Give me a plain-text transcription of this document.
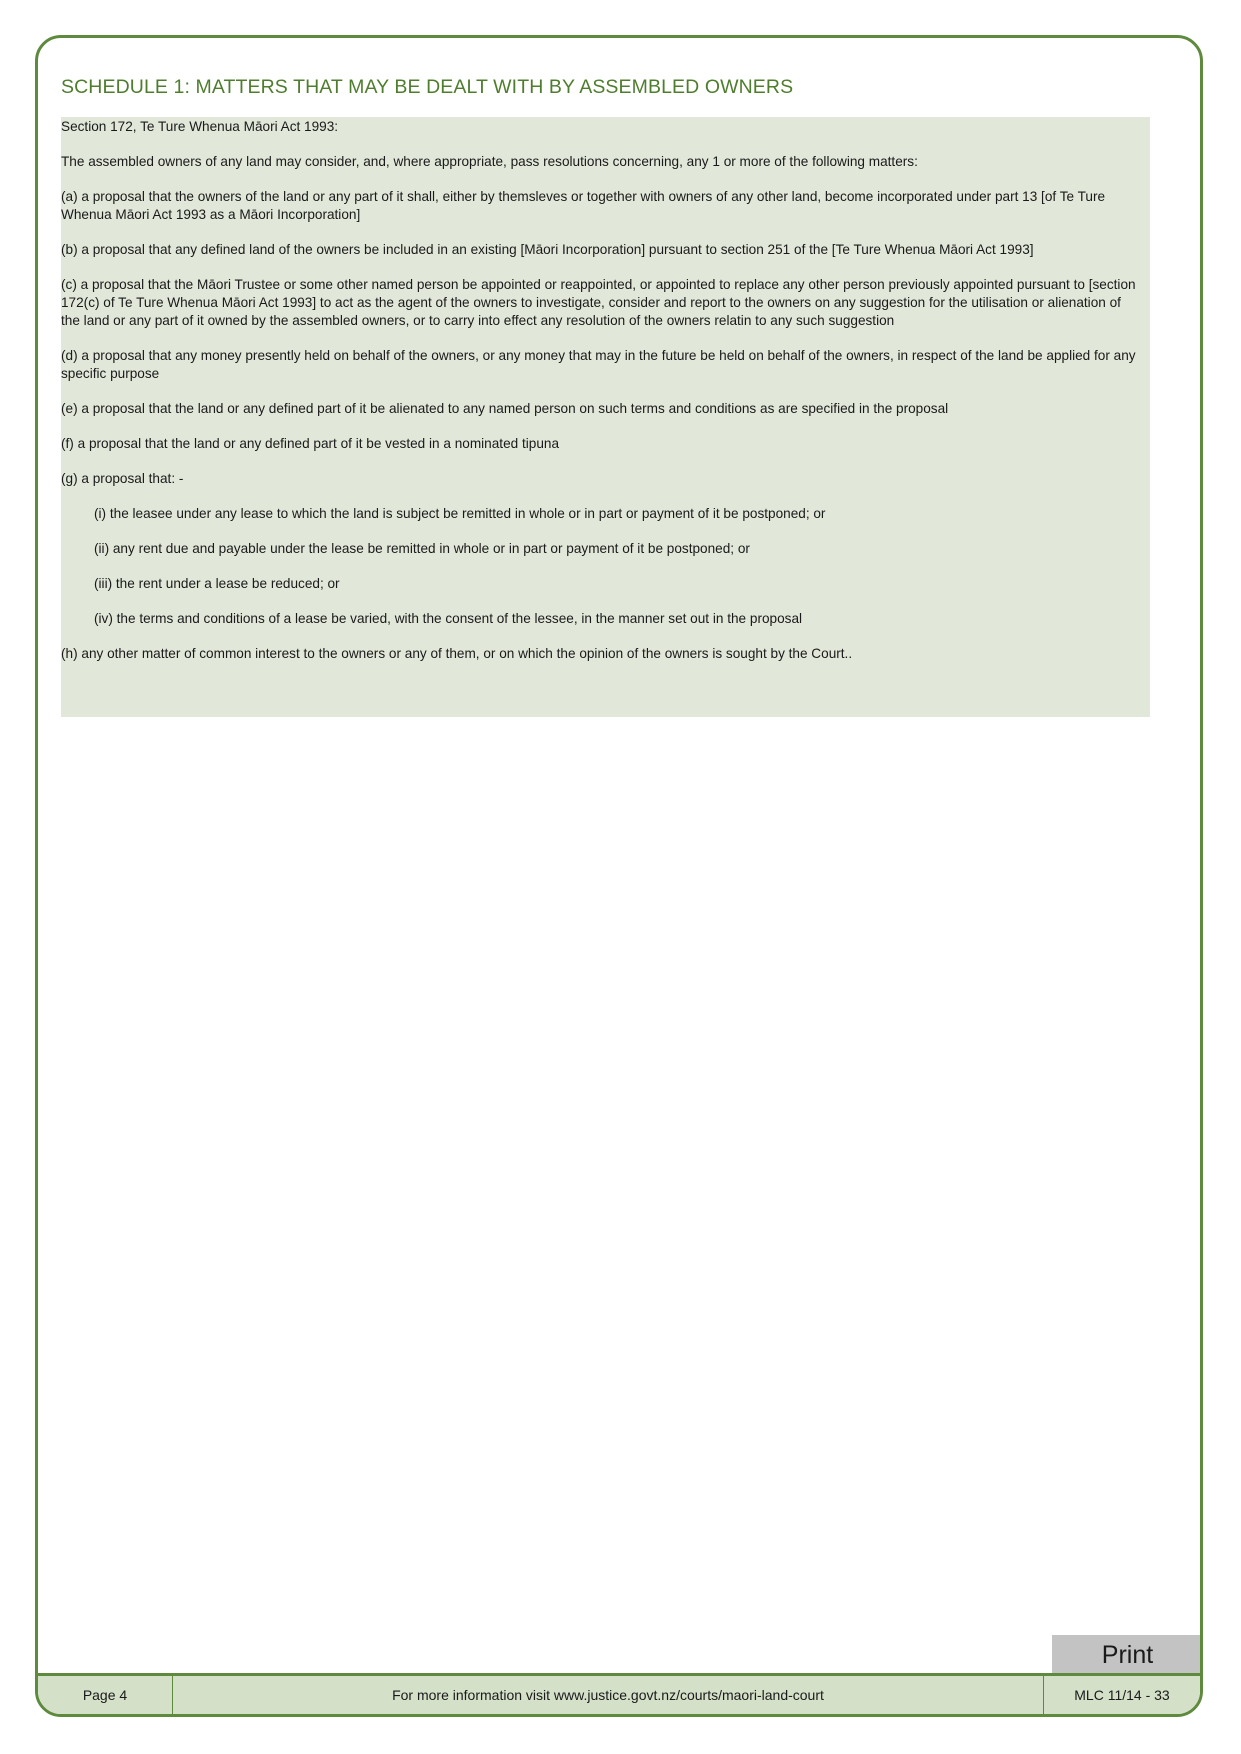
SCHEDULE 1: MATTERS THAT MAY BE DEALT WITH BY ASSEMBLED OWNERS

Section 172, Te Ture Whenua Māori Act 1993:

The assembled owners of any land may consider, and, where appropriate, pass resolutions concerning, any 1 or more of the following matters:

(a) a proposal that the owners of the land or any part of it shall, either by themsleves or together with owners of any other land, become incorporated under part 13 [of Te Ture Whenua Māori Act 1993 as a Māori Incorporation]

(b) a proposal that any defined land of the owners be included in an existing [Māori Incorporation] pursuant to section 251 of the [Te Ture Whenua Māori Act 1993]

(c) a proposal that the Māori Trustee or some other named person be appointed or reappointed, or appointed to replace any other person previously appointed pursuant to [section 172(c) of Te Ture Whenua Māori Act 1993] to act as the agent of the owners to investigate, consider and report to the owners on any suggestion for the utilisation or alienation of the land or any part of it owned by the assembled owners, or to carry into effect any resolution of the owners relatin to any such suggestion

(d) a proposal that any money presently held on behalf of the owners, or any money that may in the future be held on behalf of the owners, in respect of the land be applied for any specific purpose

(e) a proposal that the land or any defined part of it be alienated to any named person on such terms and conditions as are specified in the proposal

(f) a proposal that the land or any defined part of it be vested in a nominated tipuna

(g) a proposal that: -

(i) the leasee under any lease to which the land is subject be remitted in whole or in part or payment of it be postponed; or

(ii) any rent due and payable under the lease be remitted in whole or in part or payment of it be postponed; or

(iii) the rent under a lease be reduced; or

(iv) the terms and conditions of a lease be varied, with the consent of the lessee, in the manner set out in the proposal

(h) any other matter of common interest to the owners or any of them, or on which the opinion of the owners is sought by the Court..

Print
Page 4	For more information visit www.justice.govt.nz/courts/maori-land-court	MLC 11/14 - 33
